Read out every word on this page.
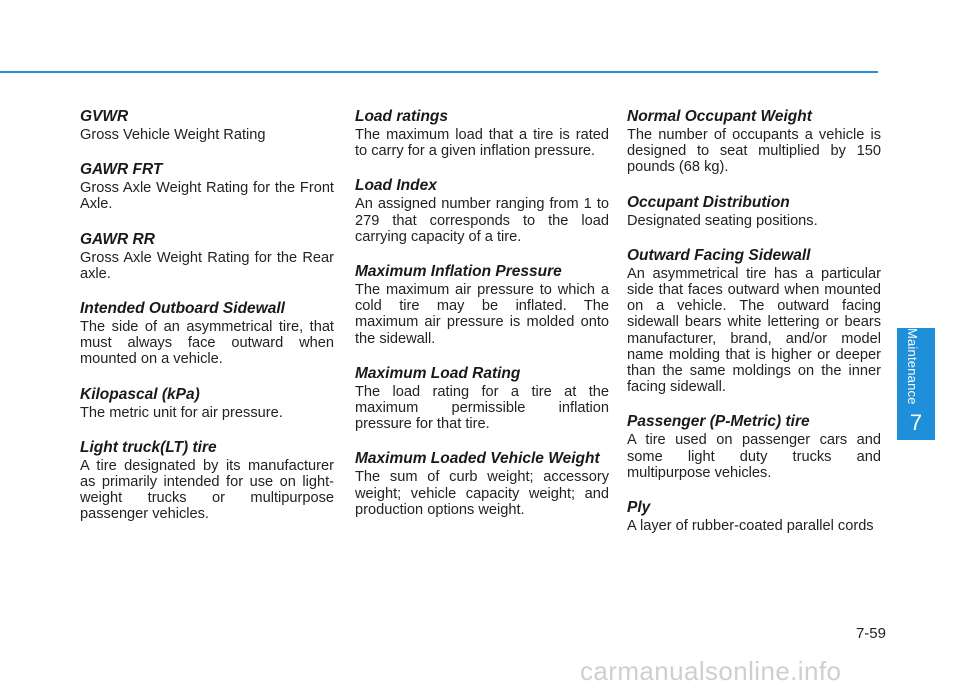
Maintenance
7
GVWR

Gross Vehicle Weight Rating

GAWR FRT

Gross Axle Weight Rating for the Front Axle.

GAWR RR

Gross Axle Weight Rating for the Rear axle.

Intended Outboard Sidewall

The side of an asymmetrical tire, that must always face outward when mounted on a vehicle.

Kilopascal (kPa)

The metric unit for air pressure.

Light truck(LT) tire

A tire designated by its manufacturer as primarily intended for use on light-weight trucks or multipurpose passenger vehicles.

Load ratings

The maximum load that a tire is rated to carry for a given inflation pressure.

Load Index

An assigned number ranging from 1 to 279 that corresponds to the load carrying capacity of a tire.

Maximum Inflation Pressure

The maximum air pressure to which a cold tire may be inflated. The maximum air pressure is molded onto the sidewall.

Maximum Load Rating

The load rating for a tire at the maximum permissible inflation pressure for that tire.

Maximum Loaded Vehicle Weight

The sum of curb weight; accessory weight; vehicle capacity weight; and production options weight.

Normal Occupant Weight

The number of occupants a vehicle is designed to seat multiplied by 150 pounds (68 kg).

Occupant Distribution

Designated seating positions.

Outward Facing Sidewall

An asymmetrical tire has a particular side that faces outward when mounted on a vehicle. The outward facing sidewall bears white lettering or bears manufacturer, brand, and/or model name molding that is higher or deeper than the same moldings on the inner facing sidewall.

Passenger (P-Metric) tire

A tire used on passenger cars and some light duty trucks and multipurpose vehicles.

Ply

A layer of rubber-coated parallel cords

7-59
carmanualsonline.info
